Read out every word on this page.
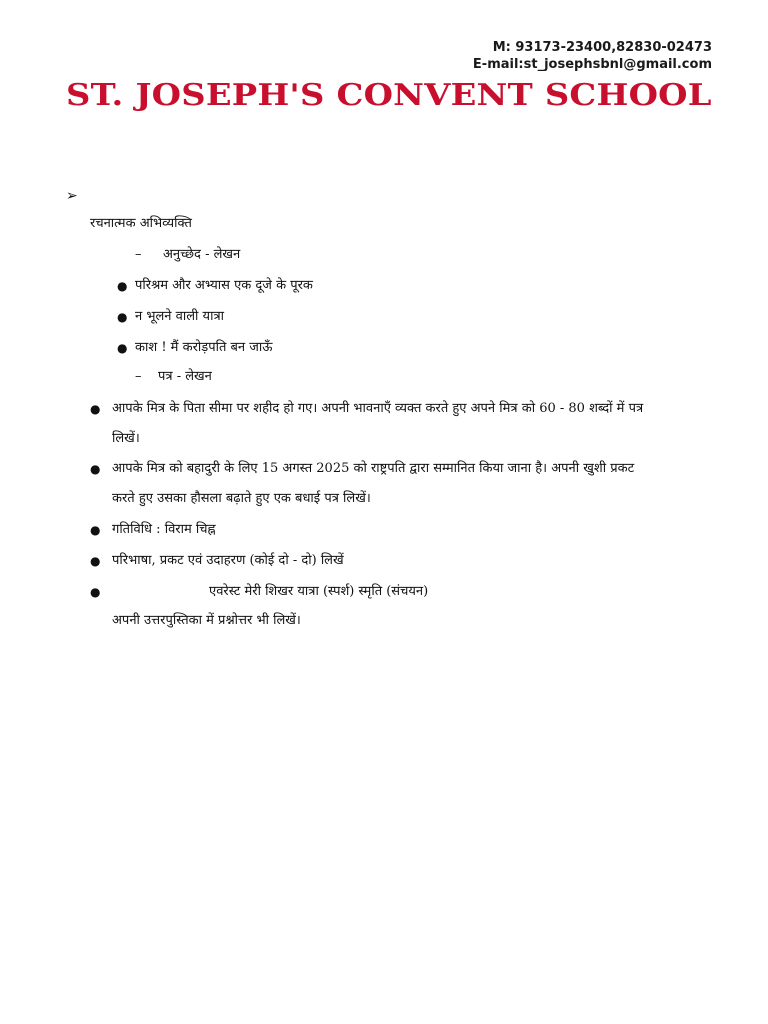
M: 93173-23400,82830-02473
E-mail:st_josephsbnl@gmail.com
ST. JOSEPH'S CONVENT SCHOOL
➢
रचनात्मक अभिव्यक्ति
– अनुच्छेद - लेखन
● परिश्रम और अभ्यास एक दूजे के पूरक
● न भूलने वाली यात्रा
● काश ! मैं करोड़पति बन जाऊँ
– पत्र - लेखन
● आपके मित्र के पिता सीमा पर शहीद हो गए। अपनी भावनाएँ व्यक्त करते हुए अपने मित्र को 60 - 80 शब्दों में पत्र
लिखें।
● आपके मित्र को बहादुरी के लिए 15 अगस्त 2025 को राष्ट्रपति द्वारा सम्मानित किया जाना है। अपनी खुशी प्रकट
करते हुए उसका हौसला बढ़ाते हुए एक बधाई पत्र लिखें।
● गतिविधि : विराम चिह्न
● परिभाषा, प्रकट एवं उदाहरण (कोई दो - दो) लिखें
●	एवरेस्ट मेरी शिखर यात्रा (स्पर्श) स्मृति (संचयन)
अपनी उत्तरपुस्तिका में प्रश्नोत्तर भी लिखें।
